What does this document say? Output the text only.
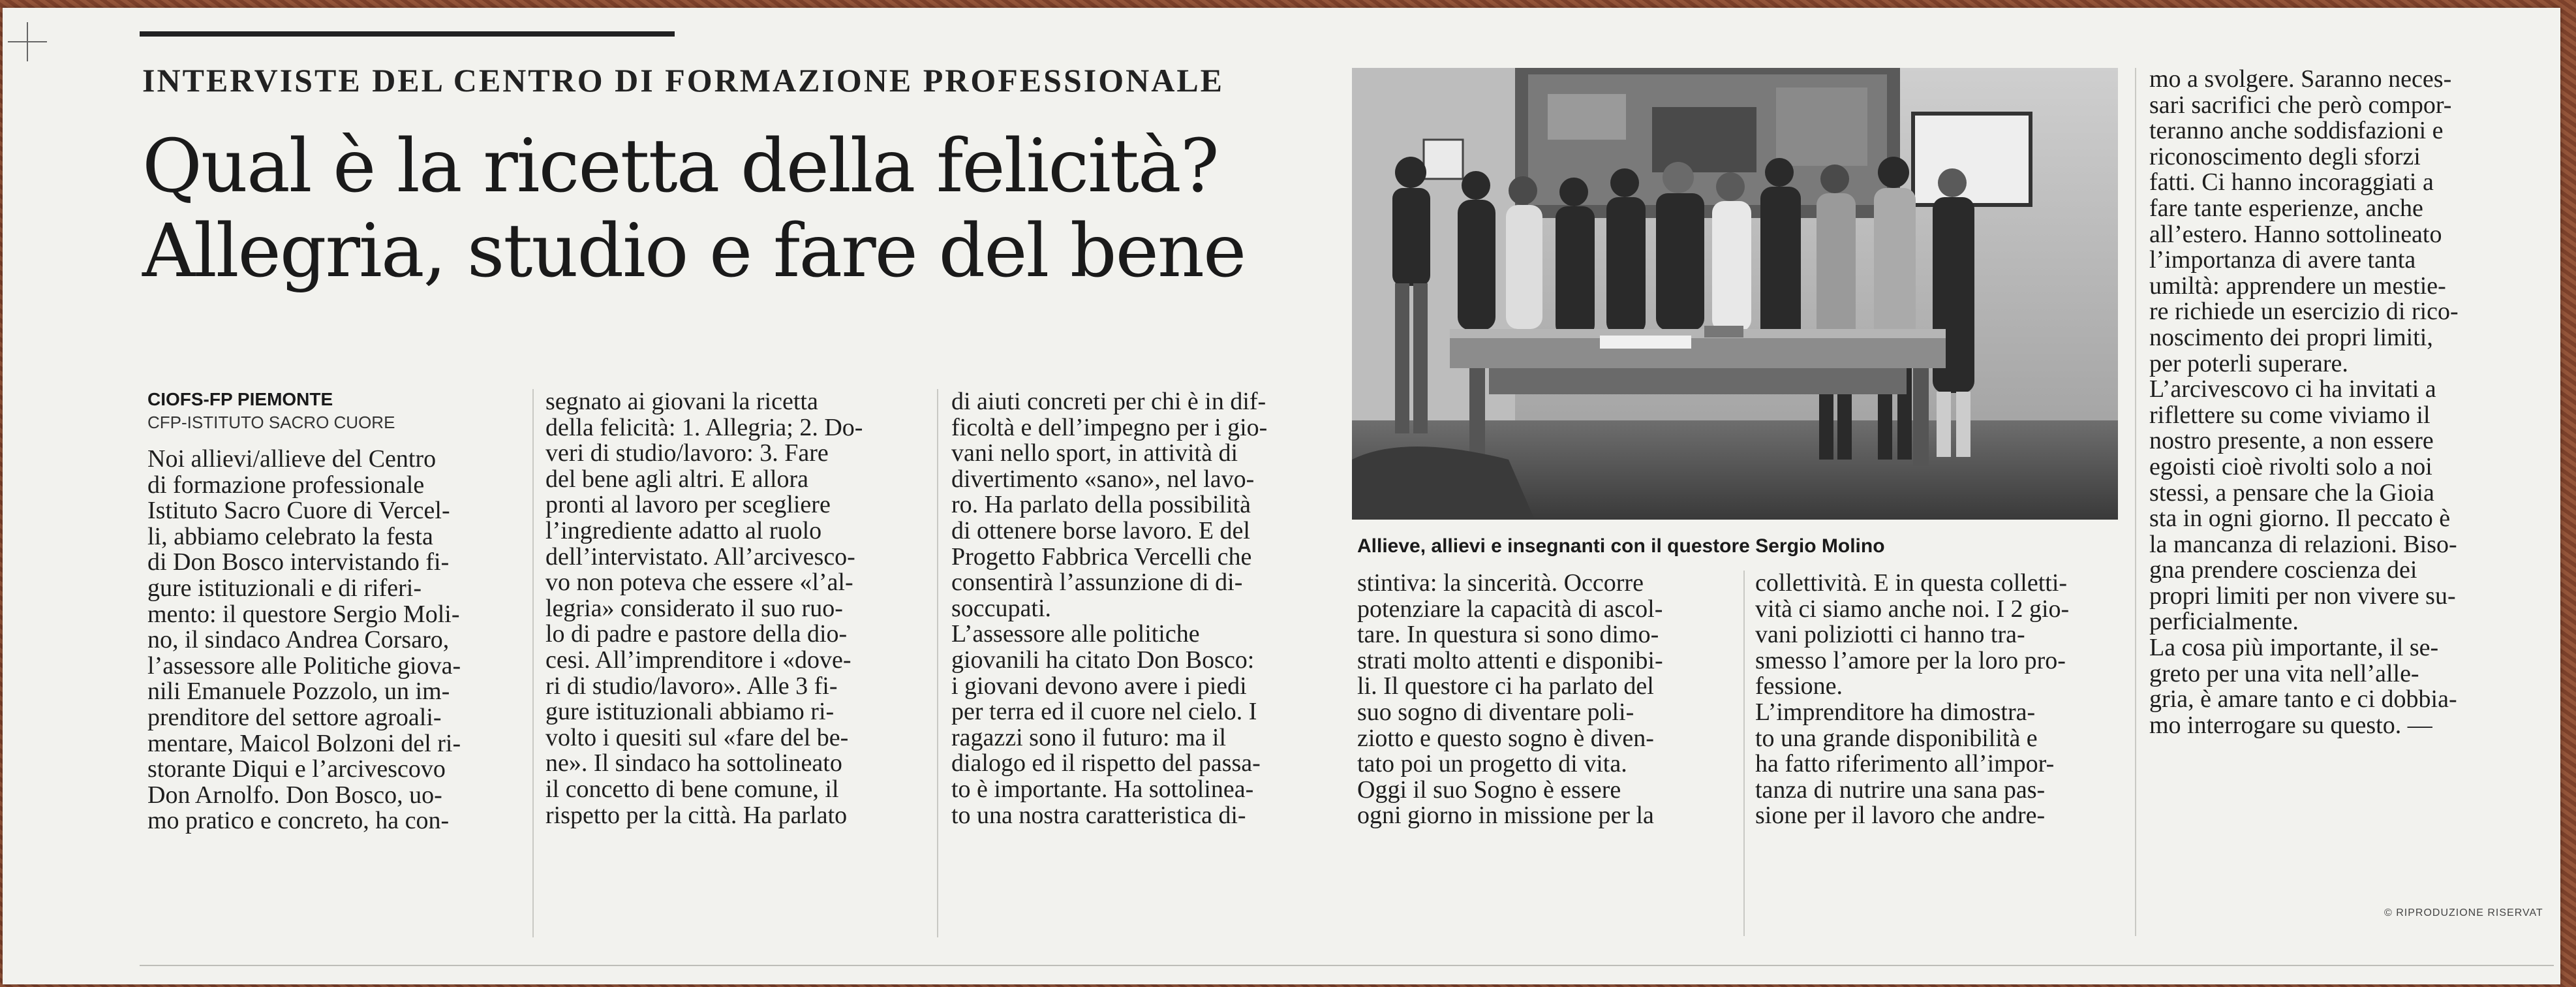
INTERVISTE DEL CENTRO DI FORMAZIONE PROFESSIONALE
Qual è la ricetta della felicità?
Allegria, studio e fare del bene
CIOFS-FP PIEMONTE
CFP-ISTITUTO SACRO CUORE
Noi allievi/allieve del Centro
di formazione professionale
Istituto Sacro Cuore di Vercel-
li, abbiamo celebrato la festa
di Don Bosco intervistando fi-
gure istituzionali e di riferi-
mento: il questore Sergio Moli-
no, il sindaco Andrea Corsaro,
l’assessore alle Politiche giova-
nili Emanuele Pozzolo, un im-
prenditore del settore agroali-
mentare, Maicol Bolzoni del ri-
storante Diqui e l’arcivescovo
Don Arnolfo. Don Bosco, uo-
mo pratico e concreto, ha con-
segnato ai giovani la ricetta
della felicità: 1. Allegria; 2. Do-
veri di studio/lavoro: 3. Fare
del bene agli altri. E allora
pronti al lavoro per scegliere
l’ingrediente adatto al ruolo
dell’intervistato. All’arcivesco-
vo non poteva che essere «l’al-
legria» considerato il suo ruo-
lo di padre e pastore della dio-
cesi. All’imprenditore i «dove-
ri di studio/lavoro». Alle 3 fi-
gure istituzionali abbiamo ri-
volto i quesiti sul «fare del be-
ne». Il sindaco ha sottolineato
il concetto di bene comune, il
rispetto per la città. Ha parlato
di aiuti concreti per chi è in dif-
ficoltà e dell’impegno per i gio-
vani nello sport, in attività di
divertimento «sano», nel lavo-
ro. Ha parlato della possibilità
di ottenere borse lavoro. E del
Progetto Fabbrica Vercelli che
consentirà l’assunzione di di-
soccupati.
L’assessore alle politiche
giovanili ha citato Don Bosco:
i giovani devono avere i piedi
per terra ed il cuore nel cielo. I
ragazzi sono il futuro: ma il
dialogo ed il rispetto del passa-
to è importante. Ha sottolinea-
to una nostra caratteristica di-
stintiva: la sincerità. Occorre
potenziare la capacità di ascol-
tare. In questura si sono dimo-
strati molto attenti e disponibi-
li. Il questore ci ha parlato del
suo sogno di diventare poli-
ziotto e questo sogno è diven-
tato poi un progetto di vita.
Oggi il suo Sogno è essere
ogni giorno in missione per la
collettività. E in questa colletti-
vità ci siamo anche noi. I 2 gio-
vani poliziotti ci hanno tra-
smesso l’amore per la loro pro-
fessione.
L’imprenditore ha dimostra-
to una grande disponibilità e
ha fatto riferimento all’impor-
tanza di nutrire una sana pas-
sione per il lavoro che andre-
mo a svolgere. Saranno neces-
sari sacrifici che però compor-
teranno anche soddisfazioni e
riconoscimento degli sforzi
fatti. Ci hanno incoraggiati a
fare tante esperienze, anche
all’estero. Hanno sottolineato
l’importanza di avere tanta
umiltà: apprendere un mestie-
re richiede un esercizio di rico-
noscimento dei propri limiti,
per poterli superare.
L’arcivescovo ci ha invitati a
riflettere su come viviamo il
nostro presente, a non essere
egoisti cioè rivolti solo a noi
stessi, a pensare che la Gioia
sta in ogni giorno. Il peccato è
la mancanza di relazioni. Biso-
gna prendere coscienza dei
propri limiti per non vivere su-
perficialmente.
La cosa più importante, il se-
greto per una vita nell’alle-
gria, è amare tanto e ci dobbia-
mo interrogare su questo. —
Allieve, allievi e insegnanti con il questore Sergio Molino
© RIPRODUZIONE RISERVAT
